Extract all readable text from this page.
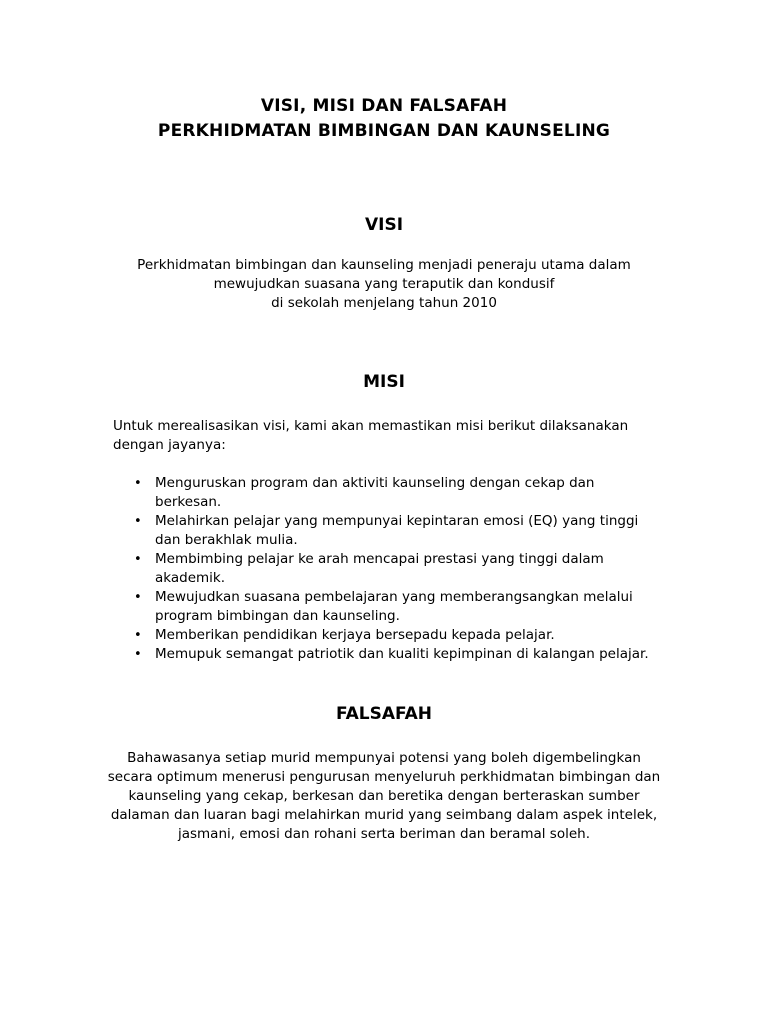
VISI, MISI DAN FALSAFAH
PERKHIDMATAN BIMBINGAN DAN KAUNSELING
VISI
Perkhidmatan bimbingan dan kaunseling menjadi peneraju utama dalam
mewujudkan suasana yang teraputik dan kondusif
di sekolah menjelang tahun 2010
MISI
Untuk merealisasikan visi, kami akan memastikan misi berikut dilaksanakan
dengan jayanya:
• Menguruskan program dan aktiviti kaunseling dengan cekap dan
berkesan.
• Melahirkan pelajar yang mempunyai kepintaran emosi (EQ) yang tinggi
dan berakhlak mulia.
• Membimbing pelajar ke arah mencapai prestasi yang tinggi dalam
akademik.
• Mewujudkan suasana pembelajaran yang memberangsangkan melalui
program bimbingan dan kaunseling.
• Memberikan pendidikan kerjaya bersepadu kepada pelajar.
• Memupuk semangat patriotik dan kualiti kepimpinan di kalangan pelajar.
FALSAFAH
Bahawasanya setiap murid mempunyai potensi yang boleh digembelingkan
secara optimum menerusi pengurusan menyeluruh perkhidmatan bimbingan dan
kaunseling yang cekap, berkesan dan beretika dengan berteraskan sumber
dalaman dan luaran bagi melahirkan murid yang seimbang dalam aspek intelek,
jasmani, emosi dan rohani serta beriman dan beramal soleh.
